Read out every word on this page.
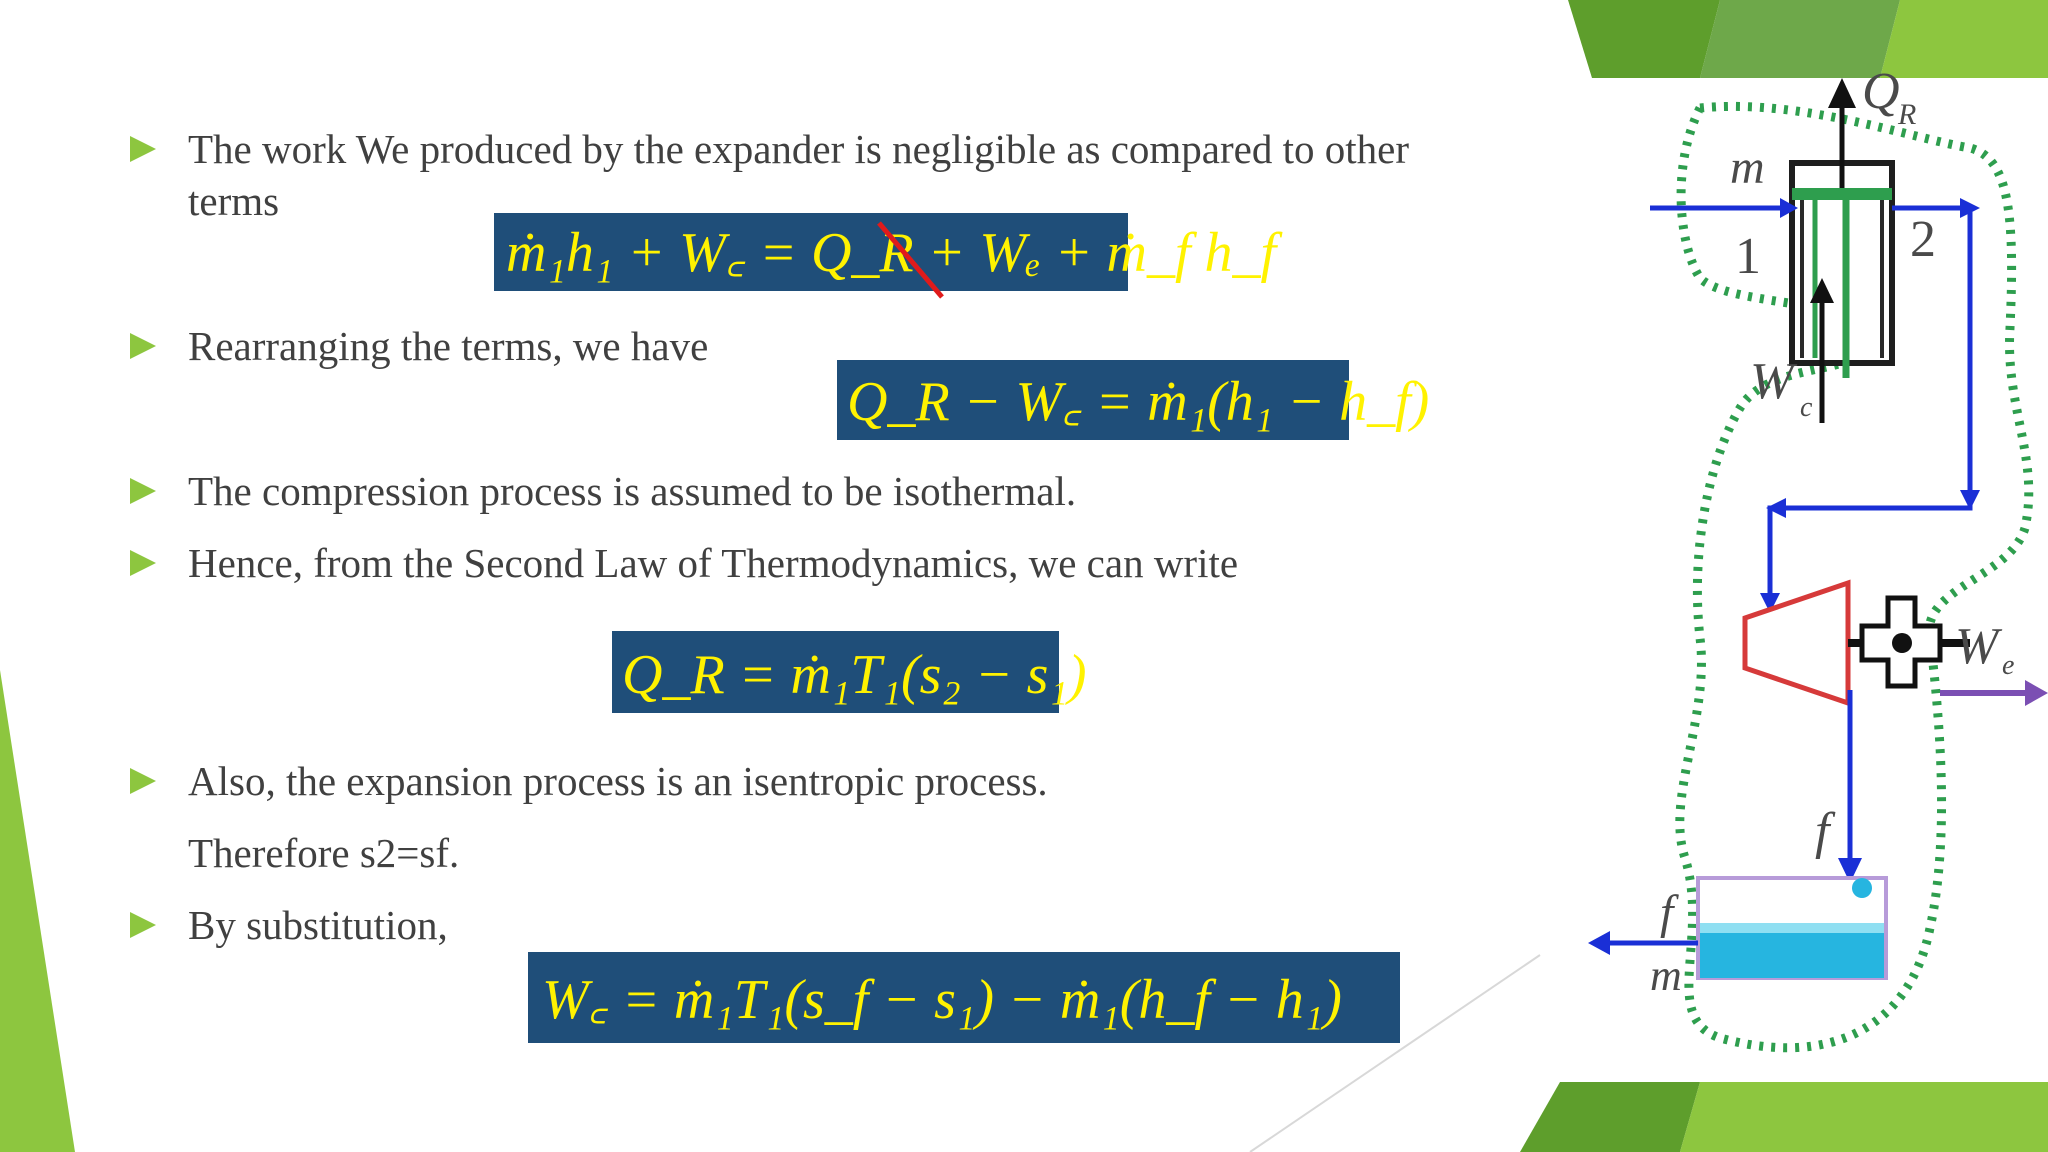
The work We produced by the expander is negligible as compared to other
terms
ṁ₁h₁ + W꜀ = Q_R + Wₑ + ṁ_f h_f
Rearranging the terms, we have
Q_R − W꜀ = ṁ₁(h₁ − h_f)
The compression process is assumed to be isothermal.
Hence, from the Second Law of Thermodynamics, we can write
Q_R = ṁ₁T₁(s₂ − s₁)
Also, the expansion process is an isentropic process.
Therefore s2=sf.
By substitution,
W꜀ = ṁ₁T₁(s_f − s₁) − ṁ₁(h_f − h₁)
Q
R
m
1	2
W c
W e
f
f
m
